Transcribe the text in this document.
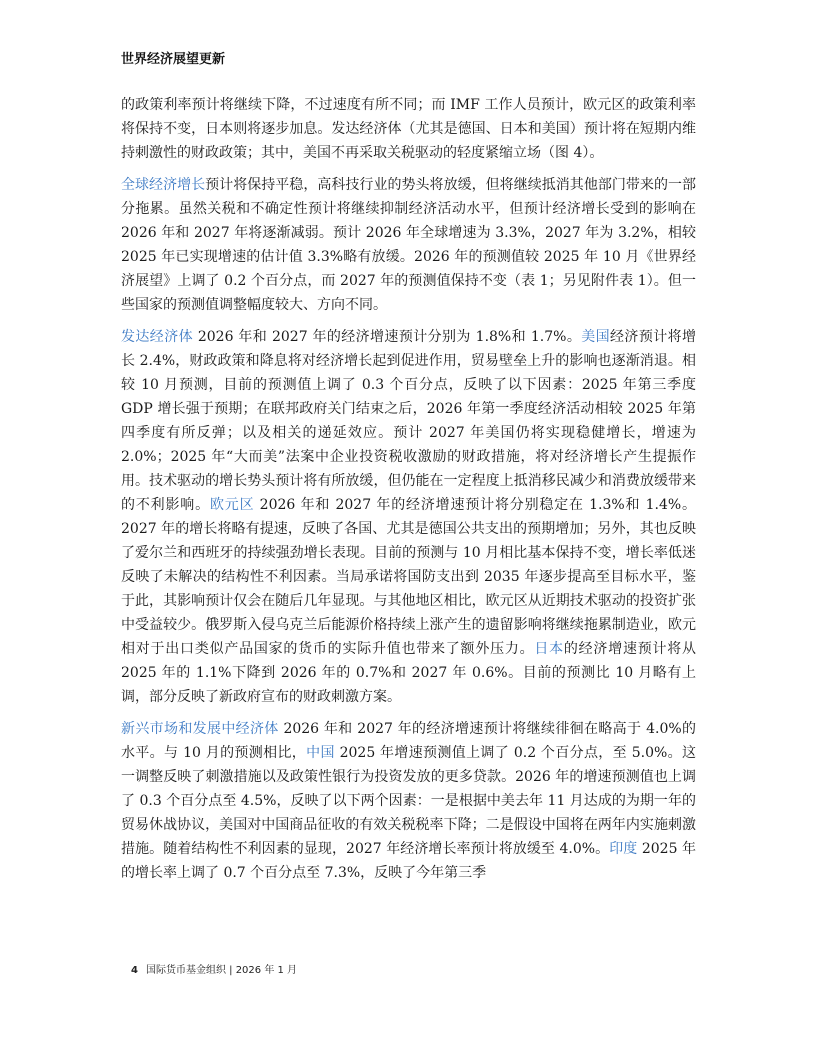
世界经济展望更新

的政策利率预计将继续下降，不过速度有所不同；而 IMF 工作人员预计，欧元区的政策利率将保持不变，日本则将逐步加息。发达经济体（尤其是德国、日本和美国）预计将在短期内维持刺激性的财政政策；其中，美国不再采取关税驱动的轻度紧缩立场（图 4）。

全球经济增长预计将保持平稳，高科技行业的势头将放缓，但将继续抵消其他部门带来的一部分拖累。虽然关税和不确定性预计将继续抑制经济活动水平，但预计经济增长受到的影响在 2026 年和 2027 年将逐渐减弱。预计 2026 年全球增速为 3.3%，2027 年为 3.2%，相较 2025 年已实现增速的估计值 3.3%略有放缓。2026 年的预测值较 2025 年 10 月《世界经济展望》上调了 0.2 个百分点，而 2027 年的预测值保持不变（表 1；另见附件表 1）。但一些国家的预测值调整幅度较大、方向不同。

发达经济体 2026 年和 2027 年的经济增速预计分别为 1.8%和 1.7%。美国经济预计将增长 2.4%，财政政策和降息将对经济增长起到促进作用，贸易壁垒上升的影响也逐渐消退。相较 10 月预测，目前的预测值上调了 0.3 个百分点，反映了以下因素：2025 年第三季度 GDP 增长强于预期；在联邦政府关门结束之后，2026 年第一季度经济活动相较 2025 年第四季度有所反弹；以及相关的递延效应。预计 2027 年美国仍将实现稳健增长，增速为 2.0%；2025 年“大而美”法案中企业投资税收激励的财政措施，将对经济增长产生提振作用。技术驱动的增长势头预计将有所放缓，但仍能在一定程度上抵消移民减少和消费放缓带来的不利影响。欧元区 2026 年和 2027 年的经济增速预计将分别稳定在 1.3%和 1.4%。2027 年的增长将略有提速，反映了各国、尤其是德国公共支出的预期增加；另外，其也反映了爱尔兰和西班牙的持续强劲增长表现。目前的预测与 10 月相比基本保持不变，增长率低迷反映了未解决的结构性不利因素。当局承诺将国防支出到 2035 年逐步提高至目标水平，鉴于此，其影响预计仅会在随后几年显现。与其他地区相比，欧元区从近期技术驱动的投资扩张中受益较少。俄罗斯入侵乌克兰后能源价格持续上涨产生的遗留影响将继续拖累制造业，欧元相对于出口类似产品国家的货币的实际升值也带来了额外压力。日本的经济增速预计将从 2025 年的 1.1%下降到 2026 年的 0.7%和 2027 年 0.6%。目前的预测比 10 月略有上调，部分反映了新政府宣布的财政刺激方案。

新兴市场和发展中经济体 2026 年和 2027 年的经济增速预计将继续徘徊在略高于 4.0%的水平。与 10 月的预测相比，中国 2025 年增速预测值上调了 0.2 个百分点，至 5.0%。这一调整反映了刺激措施以及政策性银行为投资发放的更多贷款。2026 年的增速预测值也上调了 0.3 个百分点至 4.5%，反映了以下两个因素：一是根据中美去年 11 月达成的为期一年的贸易休战协议，美国对中国商品征收的有效关税税率下降；二是假设中国将在两年内实施刺激措施。随着结构性不利因素的显现，2027 年经济增长率预计将放缓至 4.0%。印度 2025 年的增长率上调了 0.7 个百分点至 7.3%，反映了今年第三季

4 国际货币基金组织 | 2026 年 1 月
